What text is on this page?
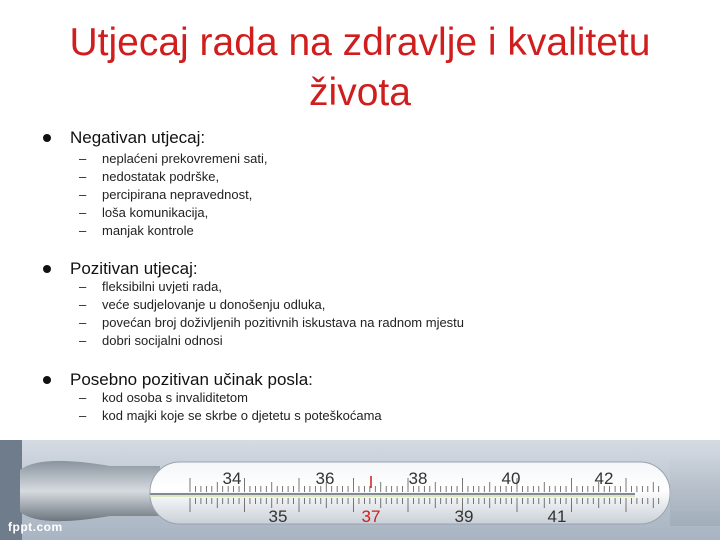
Utjecaj rada na zdravlje i kvalitetu života
Negativan utjecaj:
– neplaćeni prekovremeni sati,
– nedostatak podrške,
– percipirana nepravednost,
– loša komunikacija,
– manjak kontrole
Pozitivan utjecaj:
– fleksibilni uvjeti rada,
– veće sudjelovanje u donošenju odluka,
– povećan broj doživljenih pozitivnih iskustava na radnom mjestu
– dobri socijalni odnosi
Posebno pozitivan učinak posla:
– kod osoba s invaliditetom
– kod majki koje se skrbe o djetetu s poteškoćama
34	36	38	40	42
35	37	39	41
fppt.com
